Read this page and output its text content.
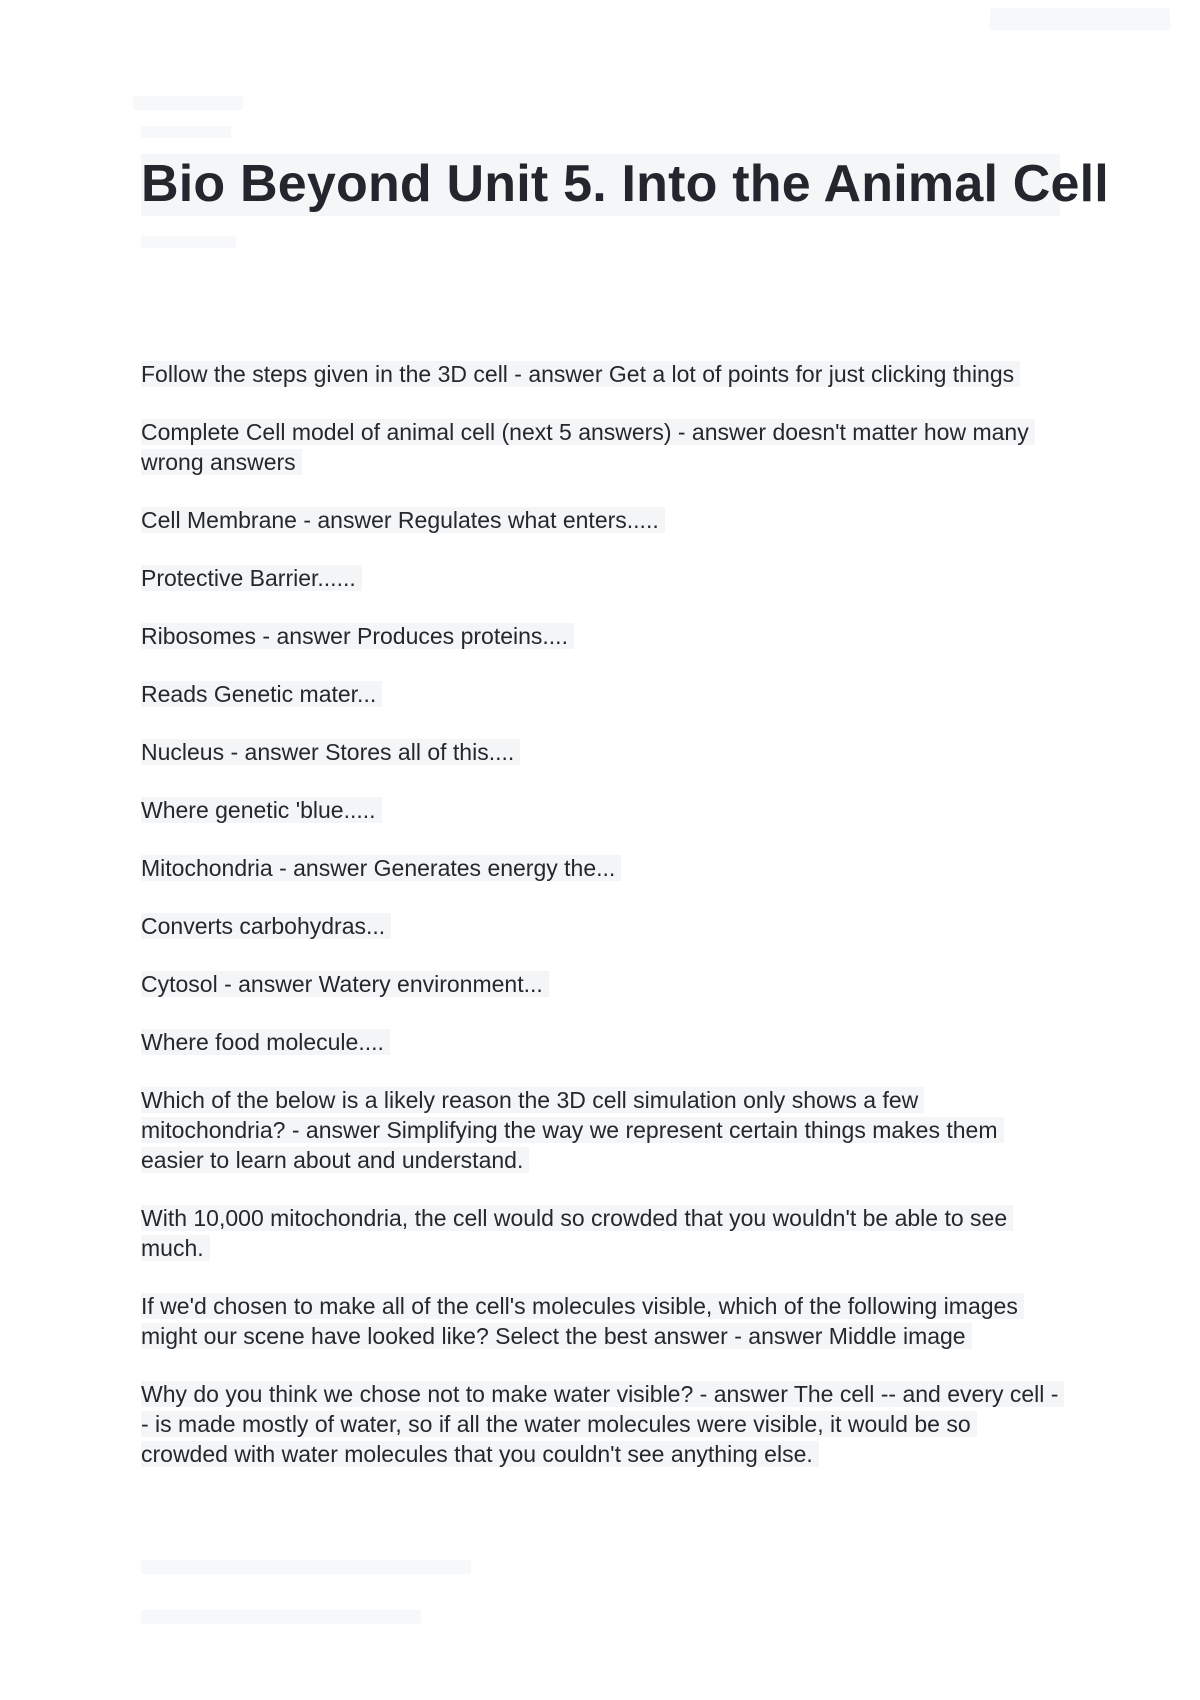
Bio Beyond Unit 5. Into the Animal Cell

Follow the steps given in the 3D cell - answer Get a lot of points for just clicking things

Complete Cell model of animal cell (next 5 answers) - answer doesn't matter how many wrong answers

Cell Membrane - answer Regulates what enters.....

Protective Barrier......

Ribosomes - answer Produces proteins....

Reads Genetic mater...

Nucleus - answer Stores all of this....

Where genetic 'blue.....

Mitochondria - answer Generates energy the...

Converts carbohydras...

Cytosol - answer Watery environment...

Where food molecule....

Which of the below is a likely reason the 3D cell simulation only shows a few mitochondria? - answer Simplifying the way we represent certain things makes them easier to learn about and understand.

With 10,000 mitochondria, the cell would so crowded that you wouldn't be able to see much.

If we'd chosen to make all of the cell's molecules visible, which of the following images might our scene have looked like? Select the best answer - answer Middle image

Why do you think we chose not to make water visible? - answer The cell -- and every cell -- is made mostly of water, so if all the water molecules were visible, it would be so crowded with water molecules that you couldn't see anything else.
